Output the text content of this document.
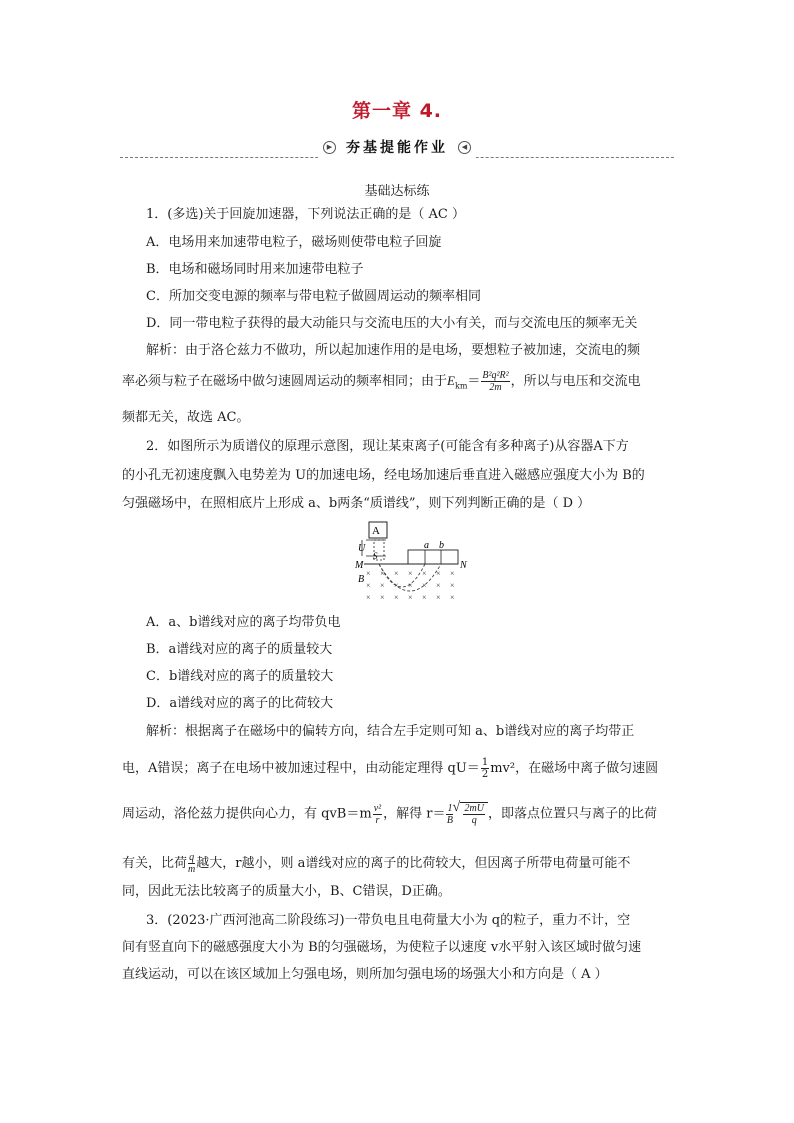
第一章 4.
▶ 夯基提能作业	◀
基础达标练
1．(多选)关于回旋加速器，下列说法正确的是（ AC ）
A．电场用来加速带电粒子，磁场则使带电粒子回旋
B．电场和磁场同时用来加速带电粒子
C．所加交变电源的频率与带电粒子做圆周运动的频率相同
D．同一带电粒子获得的最大动能只与交流电压的大小有关，而与交流电压的频率无关
解析：由于洛仑兹力不做功，所以起加速作用的是电场，要想粒子被加速，交流电的频
率必须与粒子在磁场中做匀速圆周运动的频率相同；由于$E_{km}= \frac{\text{B²q²R²}}{2m}$ ，所以与电压和交流电
频都无关，故选 AC。
2．如图所示为质谱仪的原理示意图，现让某束离子(可能含有多种离子)从容器A下方
的小孔无初速度飘入电势差为 U的加速电场，经电场加速后垂直进入磁感应强度大小为 B的
匀强磁场中，在照相底片上形成 a、b两条“质谱线”，则下列判断正确的是（ D ）
A
U
S
M	N
a b
B
× × × × × × ×
× × × × × × ×
× × × × × × ×
A．a、b谱线对应的离子均带负电
B．a谱线对应的离子的质量较大
C．b谱线对应的离子的质量较大
D．a谱线对应的离子的比荷较大
解析：根据离子在磁场中的偏转方向，结合左手定则可知 a、b谱线对应的离子均带正
电，A错误；离子在电场中被加速过程中，由动能定理得 $qU= \frac{1}{2} mv^2$，在磁场中离子做匀速圆
周运动，洛伦兹力提供向心力，有 $qvB=m \frac{\text{v²}}{r}$ ，解得 $r= \frac{1}{B}$
√ $\frac{2mU}{q}$ ，即落点位置只与离子的比荷
有关，比荷 $\frac{q}{m}$ 越大，r越小，则 a谱线对应的离子的比荷较大，但因离子所带电荷量可能不
同，因此无法比较离子的质量大小，B、C错误，D正确。
3．(2023·广西河池高二阶段练习)一带负电且电荷量大小为 q的粒子，重力不计，空
间有竖直向下的磁感强度大小为 B的匀强磁场，为使粒子以速度 v水平射入该区域时做匀速
直线运动，可以在该区域加上匀强电场，则所加匀强电场的场强大小和方向是（ A ）
